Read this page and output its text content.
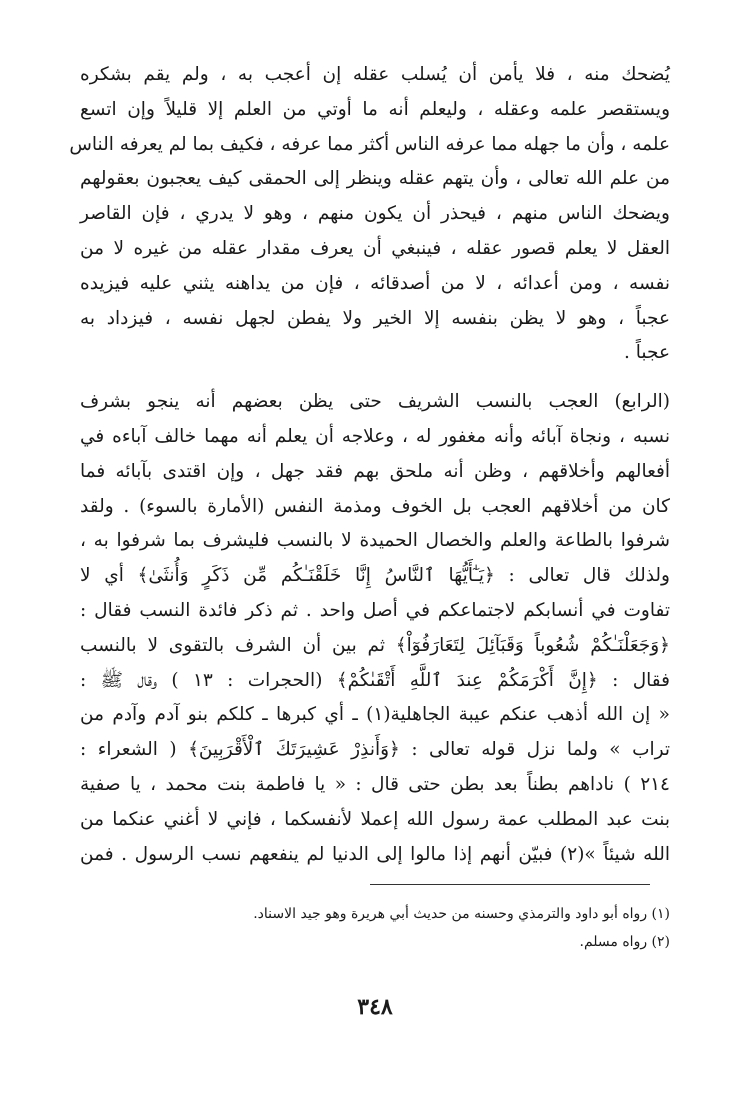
يُضحك منه ، فلا يأمن أن يُسلب عقله إن أعجب به ، ولم يقم بشكره
ويستقصر علمه وعقله ، وليعلم أنه ما أوتي من العلم إلا قليلاً وإن اتسع
علمه ، وأن ما جهله مما عرفه الناس أكثر مما عرفه ، فكيف بما لم يعرفه الناس
من علم الله تعالى ، وأن يتهم عقله وينظر إلى الحمقى كيف يعجبون بعقولهم
ويضحك الناس منهم ، فيحذر أن يكون منهم ، وهو لا يدري ، فإن القاصر
العقل لا يعلم قصور عقله ، فينبغي أن يعرف مقدار عقله من غيره لا من
نفسه ، ومن أعدائه ، لا من أصدقائه ، فإن من يداهنه يثني عليه فيزيده
عجباً ، وهو لا يظن بنفسه إلا الخير ولا يفطن لجهل نفسه ، فيزداد به
عجباً .
(الرابع) العجب بالنسب الشريف حتى يظن بعضهم أنه ينجو بشرف
نسبه ، ونجاة آبائه وأنه مغفور له ، وعلاجه أن يعلم أنه مهما خالف آباءه في
أفعالهم وأخلاقهم ، وظن أنه ملحق بهم فقد جهل ، وإن اقتدى بآبائه فما
كان من أخلاقهم العجب بل الخوف ومذمة النفس (الأمارة بالسوء) . ولقد
شرفوا بالطاعة والعلم والخصال الحميدة لا بالنسب فليشرف بما شرفوا به ،
ولذلك قال تعالى : ﴿يَـٰٓأَيُّهَا ٱلنَّاسُ إِنَّا خَلَقْنَـٰكُم مِّن ذَكَرٍ وَأُنثَىٰ﴾ أي لا
تفاوت في أنسابكم لاجتماعكم في أصل واحد . ثم ذكر فائدة النسب فقال :
﴿وَجَعَلْنَـٰكُمْ شُعُوباً وَقَبَآئِلَ لِتَعَارَفُوٓاْ﴾ ثم بين أن الشرف بالتقوى لا بالنسب
فقال : ﴿إِنَّ أَكْرَمَكُمْ عِندَ ٱللَّهِ أَتْقَىٰكُمْ﴾ (الحجرات : ١٣ ) وقال ﷺ :
« إن الله أذهب عنكم عيبة الجاهلية(١) ـ أي كبرها ـ كلكم بنو آدم وآدم من
تراب » ولما نزل قوله تعالى : ﴿وَأَنذِرْ عَشِيرَتَكَ ٱلْأَقْرَبِينَ﴾ ( الشعراء :
٢١٤ ) ناداهم بطناً بعد بطن حتى قال : « يا فاطمة بنت محمد ، يا صفية
بنت عبد المطلب عمة رسول الله إعملا لأنفسكما ، فإني لا أغني عنكما من
الله شيئاً »(٢) فبيّن أنهم إذا مالوا إلى الدنيا لم ينفعهم نسب الرسول . فمن
(١) رواه أبو داود والترمذي وحسنه من حديث أبي هريرة وهو جيد الاسناد.
(٢) رواه مسلم.
٣٤٨
